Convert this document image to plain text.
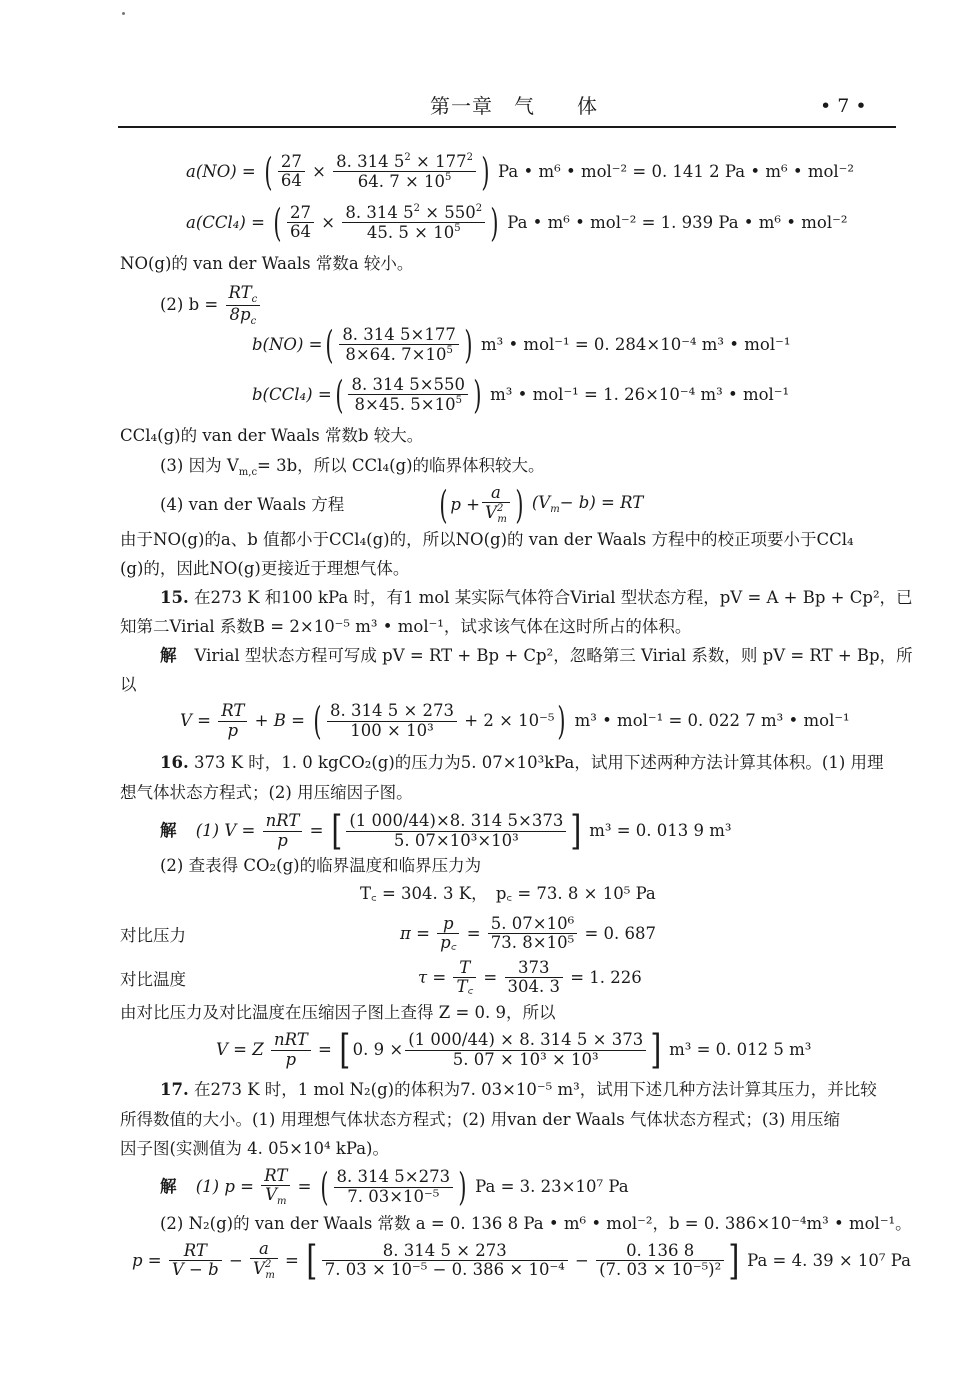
第一章　气　　体	• 7 •
a(NO) = ( $\frac{27}{64} \times \frac{8. 314 5^2 \times 177^2}{64. 7 \times 10^5}$ ) Pa • m⁶ • mol⁻² = 0. 141 2 Pa • m⁶ • mol⁻²
a(CCl₄) = ( $\frac{27}{64} \times \frac{8. 314 5^2 \times 550^2}{45. 5 \times 10^5}$ ) Pa • m⁶ • mol⁻² = 1. 939 Pa • m⁶ • mol⁻²
NO(g)的 van der Waals 常数a 较小。
(2) $b = \frac{RT_c}{8p_c}$
b(NO) =( $\frac{8. 314 5\times 177}{8\times 64. 7\times 10^5}$ ) m³ • mol⁻¹ = 0. 284×10⁻⁴ m³ • mol⁻¹
b(CCl₄) =( $\frac{8. 314 5\times 550}{8\times 45. 5\times 10^5}$ ) m³ • mol⁻¹ = 1. 26×10⁻⁴ m³ • mol⁻¹
CCl₄(g)的 van der Waals 常数b 较大。
(3) 因为 $V_{m,c}= 3b$，所以 CCl₄(g)的临界体积较大。
(4) van der Waals 方程 ( $p + \frac{a}{V^2_m}$ ) $(V_m- b)$ = RT
由于NO(g)的a、b 值都小于CCl₄(g)的，所以NO(g)的 van der Waals 方程中的校正项要小于CCl₄
(g)的，因此NO(g)更接近于理想气体。
15. 在273 K 和100 kPa 时，有1 mol 某实际气体符合Virial 型状态方程，pV = A + Bp + Cp²，已
知第二Virial 系数B = 2×10⁻⁵ m³ • mol⁻¹，试求该气体在这时所占的体积。
解 Virial 型状态方程可写成 pV = RT + Bp + Cp²，忽略第三 Virial 系数，则 pV = RT + Bp，所
以
$V = \frac{RT}{p} + B$ = ( $\frac{8. 314 5 \times 273}{\text{100 × 10³}} + 2 \times 10^{-5}$) m³ • mol⁻¹ = 0. 022 7 m³ • mol⁻¹
16. 373 K 时，1. 0 kgCO₂(g)的压力为5. 07×10³kPa，试用下述两种方法计算其体积。(1) 用理
想气体状态方程式；(2) 用压缩因子图。
解 (1) $V = \frac{\text{nRT}}{p}$ = [ $\frac{(1 000/44)\times 8. 314 5\times 373}{\text{5. 07×10³×10³}}$ ] m³ = 0. 013 9 m³
(2) 查表得 CO₂(g)的临界温度和临界压力为
T꜀ = 304. 3 K，　p꜀ = 73. 8 × 10⁵ Pa
对比压力	$\pi = \frac{p}{p꜀} = \frac{\text{5. 07×10⁶}}{\text{73. 8×10⁵}} = 0$. 687
对比温度	$\tau = \frac{T}{T꜀} = \frac{373}{304. 3} = 1$. 226
由对比压力及对比温度在压缩因子图上查得 Z = 0. 9，所以
V = Z $\frac{\text{nRT}}{p}$ = [ 0. $9 \times \frac{(1 000/44) \times 8. 314 5 \times 373}{\text{5. 07 × 10³ × 10³}}$ ] m³ = 0. 012 5 m³
17. 在273 K 时，1 mol N₂(g)的体积为7. 03×10⁻⁵ m³，试用下述几种方法计算其压力，并比较
所得数值的大小。(1) 用理想气体状态方程式；(2) 用van der Waals 气体状态方程式；(3) 用压缩
因子图(实测值为 4. 05×10⁴ kPa)。
解 (1) $p = \frac{RT}{V_m}$ = ( $\frac{8. 314 5\times 273}{\text{7. 03×10⁻⁵}}$ ) Pa = 3. 23×10⁷ Pa
(2) N₂(g)的 van der Waals 常数 a = 0. 136 8 Pa • m⁶ • mol⁻²，b = 0. 386×10⁻⁴m³ • mol⁻¹。
$p = \frac{RT}{V - b} - \frac{a}{V^2_m}$ = [ $\frac{8. 314 5 \times 273}{\text{7. 03 × 10⁻⁵ − 0. 386 × 10⁻⁴}} - \frac{0. 136 8}{\text{(7. 03 × 10⁻⁵)²}}$ ] Pa = 4. 39 × 10⁷ Pa
